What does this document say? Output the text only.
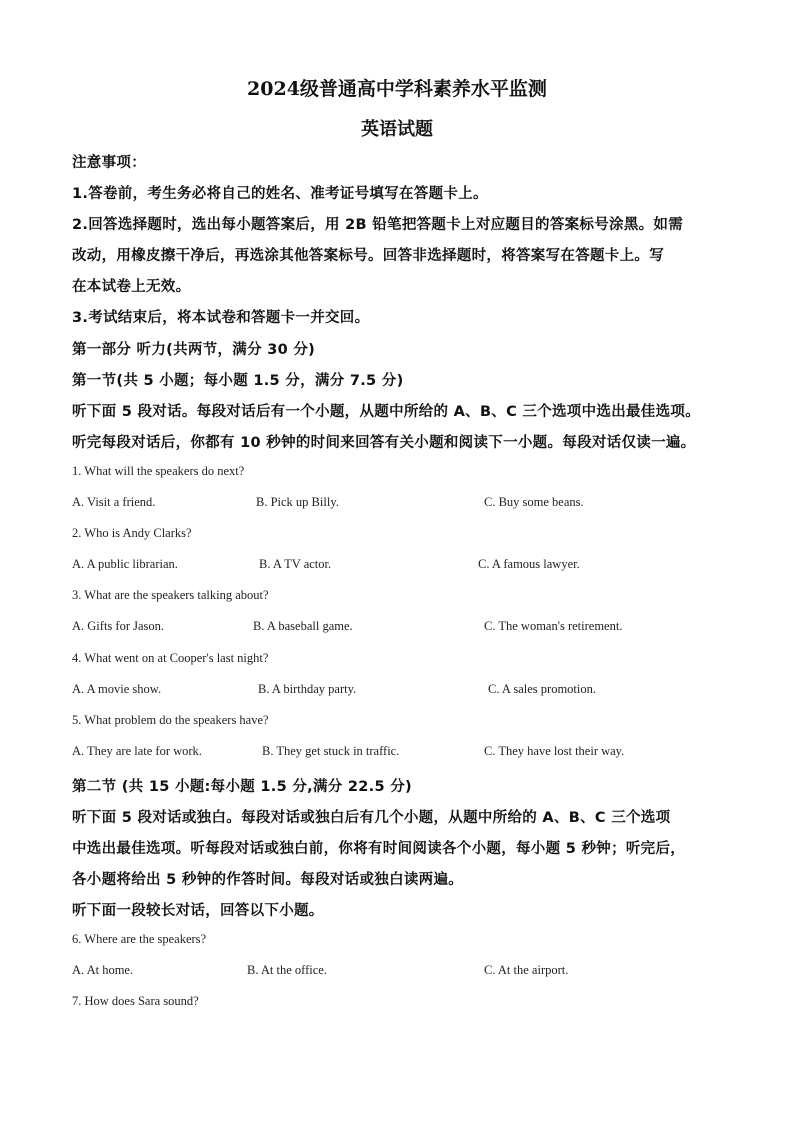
2024级普通高中学科素养水平监测
英语试题
注意事项：
1.答卷前，考生务必将自己的姓名、准考证号填写在答题卡上。
2.回答选择题时，选出每小题答案后，用 2B 铅笔把答题卡上对应题目的答案标号涂黑。如需
改动，用橡皮擦干净后，再选涂其他答案标号。回答非选择题时，将答案写在答题卡上。写
在本试卷上无效。
3.考试结束后，将本试卷和答题卡一并交回。
第一部分 听力(共两节，满分 30 分)
第一节(共 5 小题；每小题 1.5 分，满分 7.5 分)
听下面 5 段对话。每段对话后有一个小题，从题中所给的 A、B、C 三个选项中选出最佳选项。
听完每段对话后，你都有 10 秒钟的时间来回答有关小题和阅读下一小题。每段对话仅读一遍。
1. What will the speakers do next?
A. Visit a friend.	B. Pick up Billy.	C. Buy some beans.
2. Who is Andy Clarks?
A. A public librarian.	B. A TV actor.	C. A famous lawyer.
3. What are the speakers talking about?
A. Gifts for Jason.	B. A baseball game.	C. The woman's retirement.
4. What went on at Cooper's last night?
A. A movie show.	B. A birthday party.	C. A sales promotion.
5. What problem do the speakers have?
A. They are late for work.	B. They get stuck in traffic.	C. They have lost their way.
第二节 (共 15 小题:每小题 1.5 分,满分 22.5 分)
听下面 5 段对话或独白。每段对话或独白后有几个小题，从题中所给的 A、B、C 三个选项
中选出最佳选项。听每段对话或独白前，你将有时间阅读各个小题，每小题 5 秒钟；听完后，
各小题将给出 5 秒钟的作答时间。每段对话或独白读两遍。
听下面一段较长对话，回答以下小题。
6. Where are the speakers?
A. At home.	B. At the office.	C. At the airport.
7. How does Sara sound?
